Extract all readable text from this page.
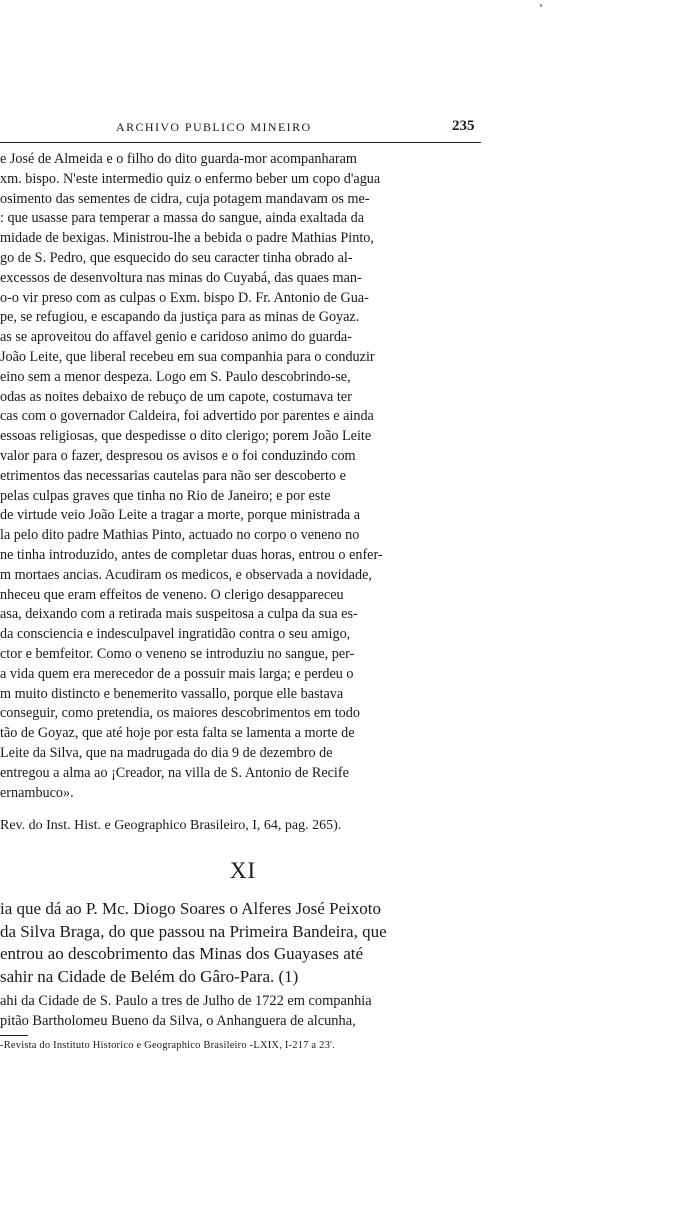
ARCHIVO PUBLICO MINEIRO	235
e José de Almeida e o filho do dito guarda-mor acompanharam
xm. bispo. N'este intermedio quiz o enfermo beber um copo d'agua
osimento das sementes de cidra, cuja potagem mandavam os me-
: que usasse para temperar a massa do sangue, ainda exaltada da
midade de bexigas. Ministrou-lhe a bebida o padre Mathias Pinto,
go de S. Pedro, que esquecido do seu caracter tinha obrado al-
excessos de desenvoltura nas minas do Cuyabá, das quaes man-
o-o vir preso com as culpas o Exm. bispo D. Fr. Antonio de Gua-
pe, se refugiou, e escapando da justiça para as minas de Goyaz.
as se aproveitou do affavel genio e caridoso animo do guarda-
João Leite, que liberal recebeu em sua companhia para o conduzir
eino sem a menor despeza. Logo em S. Paulo descobrindo-se,
odas as noites debaixo de rebuço de um capote, costumava ter
cas com o governador Caldeira, foi advertido por parentes e ainda
essoas religiosas, que despedisse o dito clerigo; porem João Leite
valor para o fazer, despresou os avisos e o foi conduzindo com
etrimentos das necessarias cautelas para não ser descoberto e
pelas culpas graves que tinha no Rio de Janeiro; e por este
de virtude veio João Leite a tragar a morte, porque ministrada a
la pelo dito padre Mathias Pinto, actuado no corpo o veneno no
ne tinha introduzido, antes de completar duas horas, entrou o enfer-
m mortaes ancias. Acudiram os medicos, e observada a novidade,
nheceu que eram effeitos de veneno. O clerigo desappareceu
asa, deixando com a retirada mais suspeitosa a culpa da sua es-
da consciencia e indesculpavel ingratidão contra o seu amigo,
ctor e bemfeitor. Como o veneno se introduziu no sangue, per-
a vida quem era merecedor de a possuir mais larga; e perdeu o
m muito distincto e benemerito vassallo, porque elle bastava
conseguir, como pretendia, os maiores descobrimentos em todo
tão de Goyaz, que até hoje por esta falta se lamenta a morte de
Leite da Silva, que na madrugada do dia 9 de dezembro de
entregou a alma ao ¡Creador, na villa de S. Antonio de Recife
ernambuco».
Rev. do Inst. Hist. e Geographico Brasileiro, I, 64, pag. 265).
XI
ia que dá ao P. Mc. Diogo Soares o Alferes José Peixoto
da Silva Braga, do que passou na Primeira Bandeira, que
entrou ao descobrimento das Minas dos Guayases até
sahir na Cidade de Belém do Gâro-Para. (1)
ahi da Cidade de S. Paulo a tres de Julho de 1722 em companhia
pitão Bartholomeu Bueno da Silva, o Anhanguera de alcunha,
-Revista do Instituto Historico e Geographico Brasileiro -LXIX, I-217 a 23'.
